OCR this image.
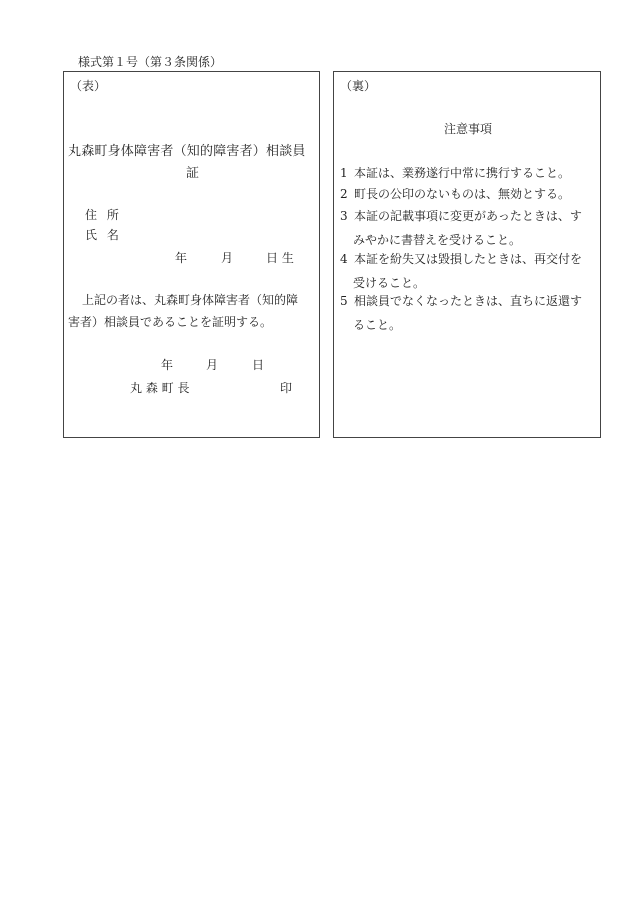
様式第１号（第３条関係）
（表）
丸森町身体障害者（知的障害者）相談員
証
住 所
氏 名
年	月	日 生
上記の者は、丸森町身体障害者（知的障
害者）相談員であることを証明する。
年	月	日
丸 森 町 長	印
（裏）
注意事項
1 本証は、業務遂行中常に携行すること。
2 町長の公印のないものは、無効とする。
3 本証の記載事項に変更があったときは、す
みやかに書替えを受けること。
4 本証を紛失又は毀損したときは、再交付を
受けること。
5 相談員でなくなったときは、直ちに返還す
ること。
